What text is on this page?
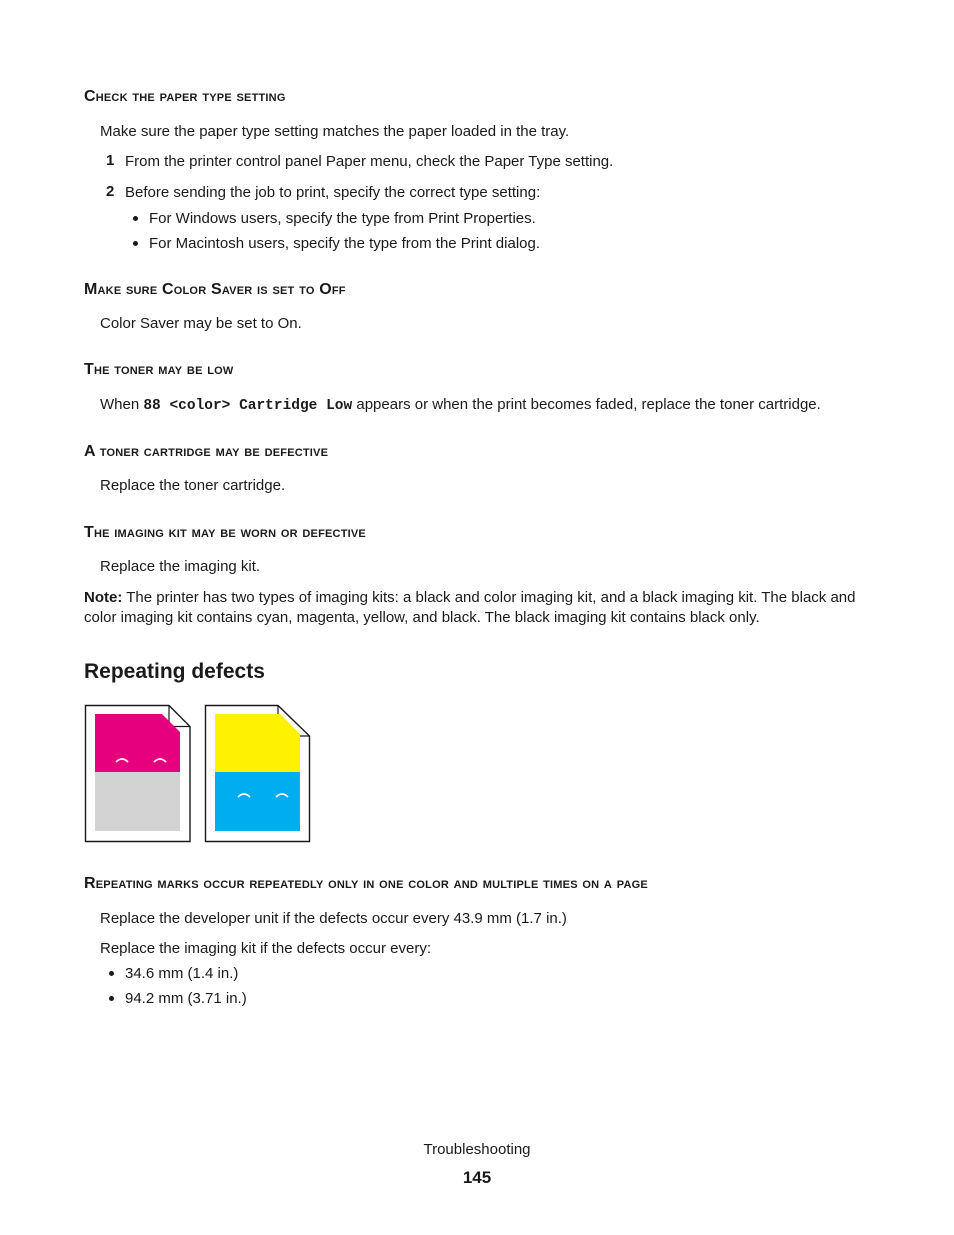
Check the paper type setting
Make sure the paper type setting matches the paper loaded in the tray.
1 From the printer control panel Paper menu, check the Paper Type setting.
2 Before sending the job to print, specify the correct type setting:
For Windows users, specify the type from Print Properties.
For Macintosh users, specify the type from the Print dialog.
Make sure Color Saver is set to Off
Color Saver may be set to On.
The toner may be low
When 88 <color> Cartridge Low appears or when the print becomes faded, replace the toner cartridge.
A toner cartridge may be defective
Replace the toner cartridge.
The imaging kit may be worn or defective
Replace the imaging kit.
Note: The printer has two types of imaging kits: a black and color imaging kit, and a black imaging kit. The black and
color imaging kit contains cyan, magenta, yellow, and black. The black imaging kit contains black only.
Repeating defects
Repeating marks occur repeatedly only in one color and multiple times on a page
Replace the developer unit if the defects occur every 43.9 mm (1.7 in.)
Replace the imaging kit if the defects occur every:
34.6 mm (1.4 in.)
94.2 mm (3.71 in.)
Troubleshooting
145
